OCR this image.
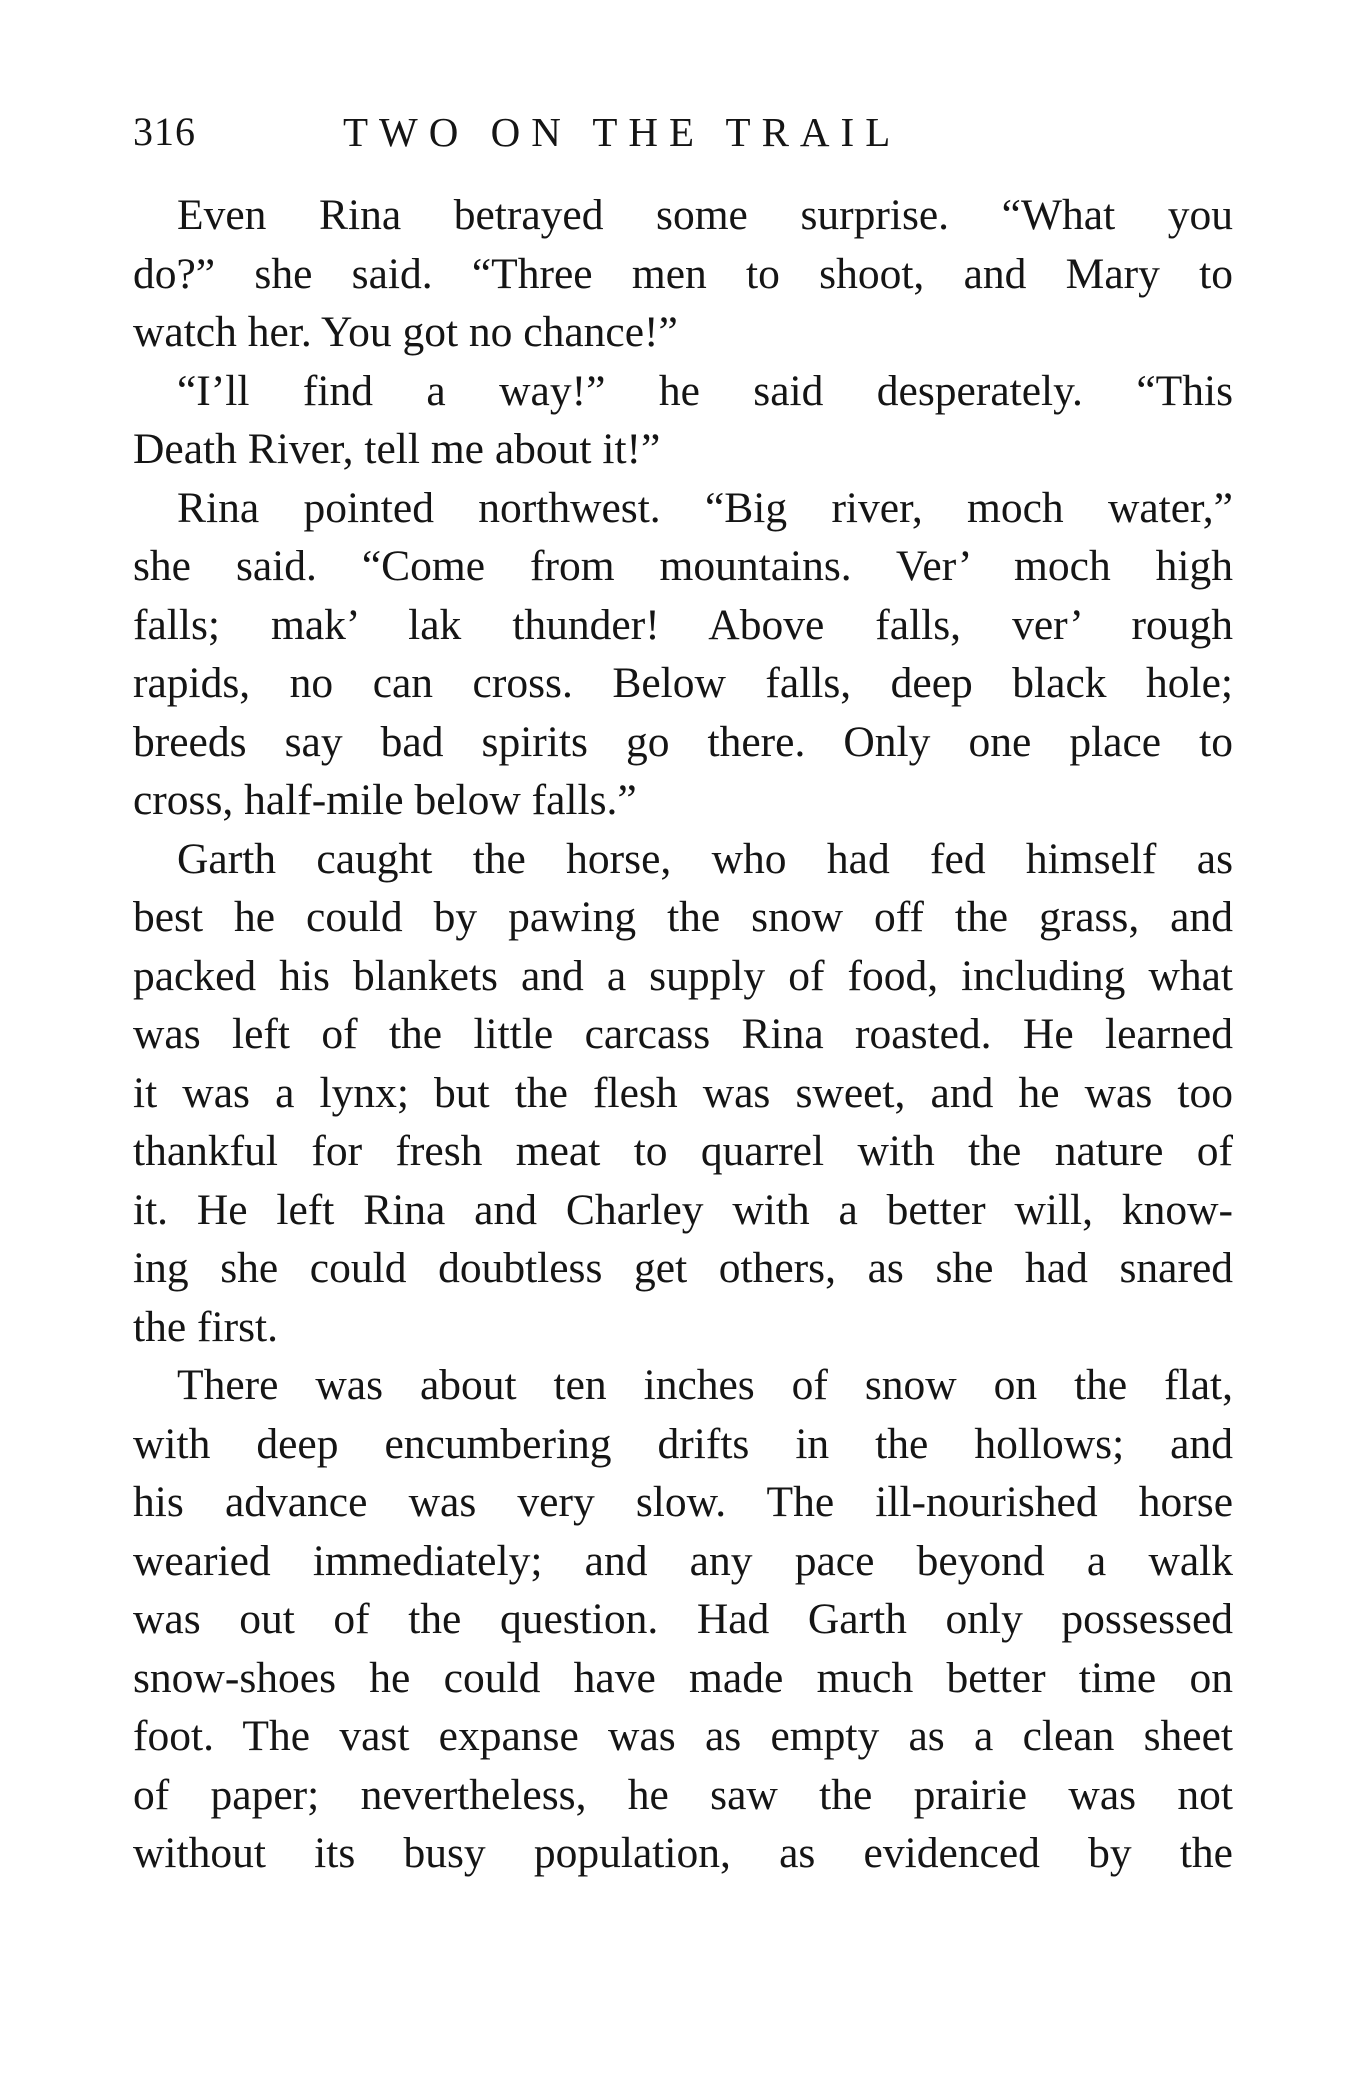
316	TWO ON THE TRAIL
Even Rina betrayed some surprise. “What you
do?” she said. “Three men to shoot, and Mary to
watch her. You got no chance!”
“I’ll find a way!” he said desperately. “This
Death River, tell me about it!”
Rina pointed northwest. “Big river, moch water,”
she said. “Come from mountains. Ver’ moch high
falls; mak’ lak thunder! Above falls, ver’ rough
rapids, no can cross. Below falls, deep black hole;
breeds say bad spirits go there. Only one place to
cross, half-mile below falls.”
Garth caught the horse, who had fed himself as
best he could by pawing the snow off the grass, and
packed his blankets and a supply of food, including what
was left of the little carcass Rina roasted. He learned
it was a lynx; but the flesh was sweet, and he was too
thankful for fresh meat to quarrel with the nature of
it. He left Rina and Charley with a better will, know-
ing she could doubtless get others, as she had snared
the first.
There was about ten inches of snow on the flat,
with deep encumbering drifts in the hollows; and
his advance was very slow. The ill-nourished horse
wearied immediately; and any pace beyond a walk
was out of the question. Had Garth only possessed
snow-shoes he could have made much better time on
foot. The vast expanse was as empty as a clean sheet
of paper; nevertheless, he saw the prairie was not
without its busy population, as evidenced by the
